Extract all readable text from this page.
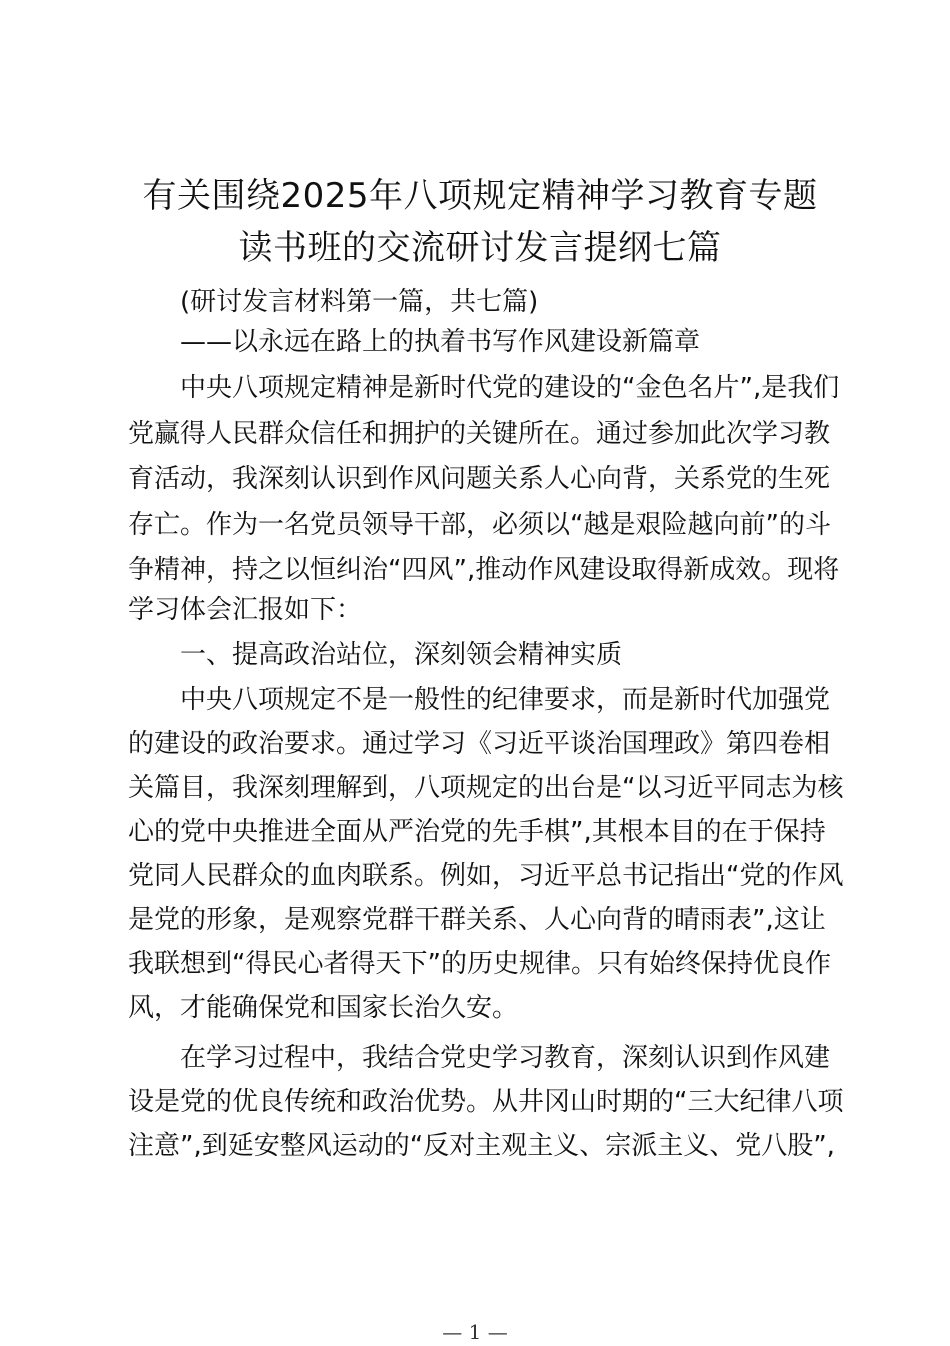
有关围绕2025年八项规定精神学习教育专题
读书班的交流研讨发言提纲七篇
(研讨发言材料第一篇，共七篇)
——以永远在路上的执着书写作风建设新篇章
中央八项规定精神是新时代党的建设的“金色名片”,是我们
党赢得人民群众信任和拥护的关键所在。通过参加此次学习教
育活动，我深刻认识到作风问题关系人心向背，关系党的生死
存亡。作为一名党员领导干部，必须以“越是艰险越向前”的斗
争精神，持之以恒纠治“四风”,推动作风建设取得新成效。现将
学习体会汇报如下：
一、提高政治站位，深刻领会精神实质
中央八项规定不是一般性的纪律要求，而是新时代加强党
的建设的政治要求。通过学习《习近平谈治国理政》第四卷相
关篇目，我深刻理解到，八项规定的出台是“以习近平同志为核
心的党中央推进全面从严治党的先手棋”,其根本目的在于保持
党同人民群众的血肉联系。例如，习近平总书记指出“党的作风
是党的形象，是观察党群干群关系、人心向背的晴雨表”,这让
我联想到“得民心者得天下”的历史规律。只有始终保持优良作
风，才能确保党和国家长治久安。
在学习过程中，我结合党史学习教育，深刻认识到作风建
设是党的优良传统和政治优势。从井冈山时期的“三大纪律八项
注意”,到延安整风运动的“反对主观主义、宗派主义、党八股”,
— 1 —
